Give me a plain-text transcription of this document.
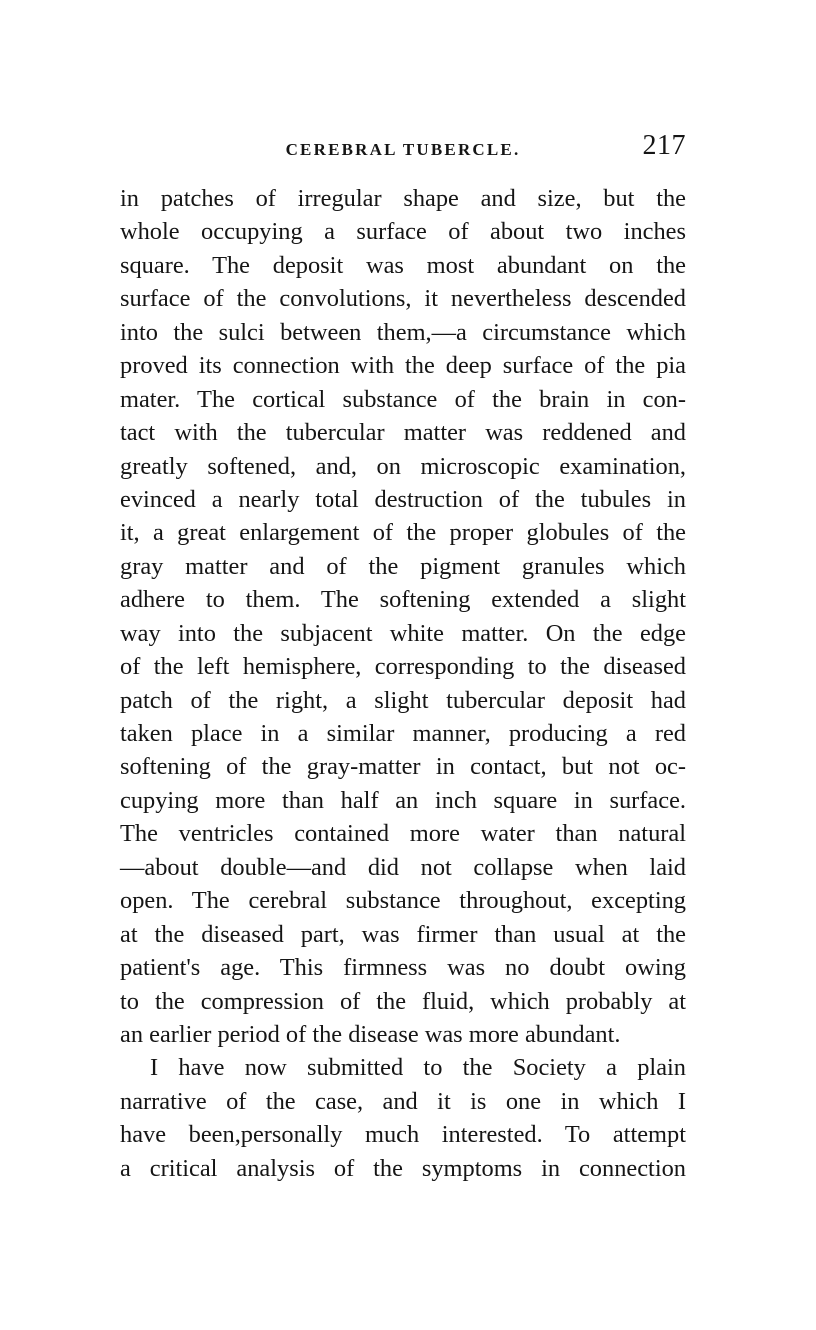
CEREBRAL TUBERCLE.	217
in patches of irregular shape and size, but the
whole occupying a surface of about two inches
square. The deposit was most abundant on the
surface of the convolutions, it nevertheless descended
into the sulci between them,—a circumstance which
proved its connection with the deep surface of the pia
mater. The cortical substance of the brain in con-
tact with the tubercular matter was reddened and
greatly softened, and, on microscopic examination,
evinced a nearly total destruction of the tubules in
it, a great enlargement of the proper globules of the
gray matter and of the pigment granules which
adhere to them. The softening extended a slight
way into the subjacent white matter. On the edge
of the left hemisphere, corresponding to the diseased
patch of the right, a slight tubercular deposit had
taken place in a similar manner, producing a red
softening of the gray-matter in contact, but not oc-
cupying more than half an inch square in surface.
The ventricles contained more water than natural
—about double—and did not collapse when laid
open. The cerebral substance throughout, excepting
at the diseased part, was firmer than usual at the
patient's age. This firmness was no doubt owing
to the compression of the fluid, which probably at
an earlier period of the disease was more abundant.
I have now submitted to the Society a plain
narrative of the case, and it is one in which I
have been,personally much interested. To attempt
a critical analysis of the symptoms in connection
